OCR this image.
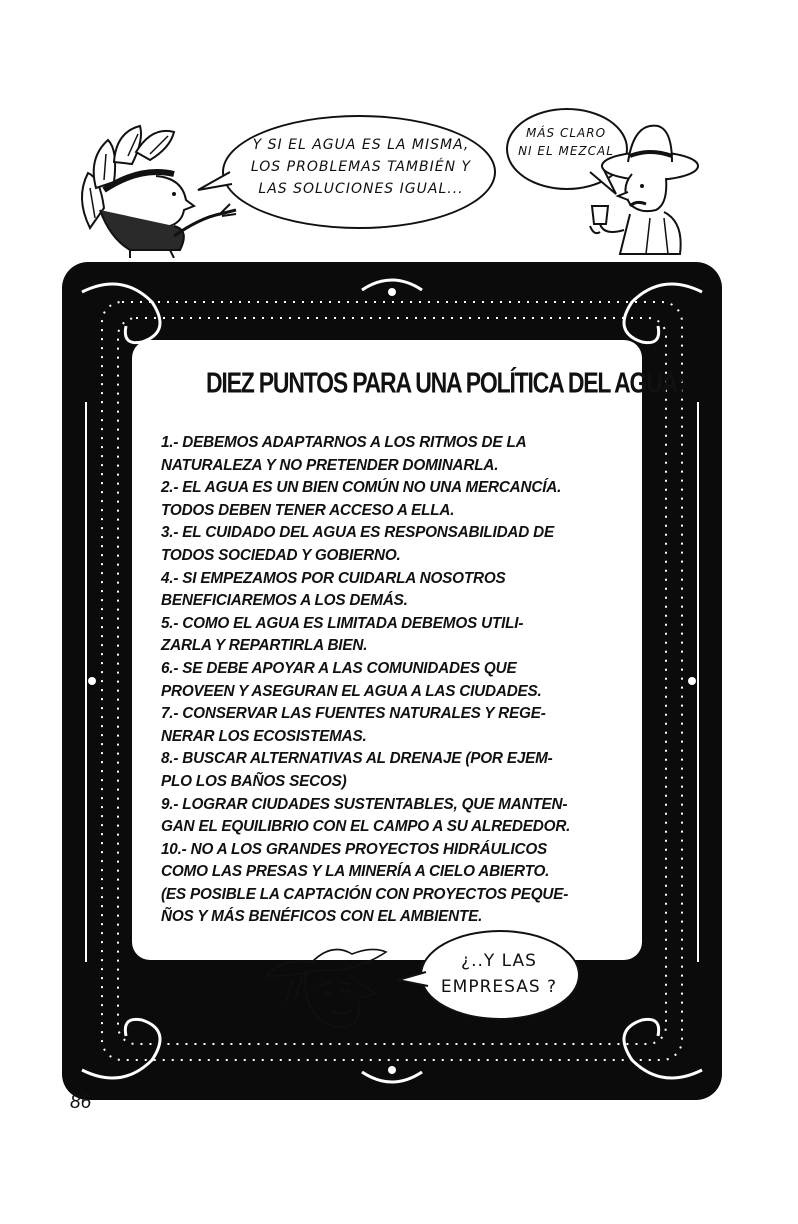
Y SI EL AGUA ES LA MISMA,
LOS PROBLEMAS TAMBIÉN Y
LAS SOLUCIONES IGUAL...
MÁS CLARO
NI EL MEZCAL
DIEZ PUNTOS PARA UNA POLÍTICA DEL AGUA:
1.- DEBEMOS ADAPTARNOS A LOS RITMOS DE LA
NATURALEZA Y NO PRETENDER DOMINARLA.
2.- EL AGUA ES UN BIEN COMÚN NO UNA MERCANCÍA.
TODOS DEBEN TENER ACCESO A ELLA.
3.- EL CUIDADO DEL AGUA ES RESPONSABILIDAD DE
TODOS SOCIEDAD Y GOBIERNO.
4.- SI EMPEZAMOS POR CUIDARLA NOSOTROS
BENEFICIAREMOS A LOS DEMÁS.
5.- COMO EL AGUA ES LIMITADA DEBEMOS UTILI-
ZARLA Y REPARTIRLA BIEN.
6.- SE DEBE APOYAR A LAS COMUNIDADES QUE
PROVEEN Y ASEGURAN EL AGUA A LAS CIUDADES.
7.- CONSERVAR LAS FUENTES NATURALES Y REGE-
NERAR LOS ECOSISTEMAS.
8.- BUSCAR ALTERNATIVAS AL DRENAJE (POR EJEM-
PLO LOS BAÑOS SECOS)
9.- LOGRAR CIUDADES SUSTENTABLES, QUE MANTEN-
GAN EL EQUILIBRIO CON EL CAMPO A SU ALREDEDOR.
10.- NO A LOS GRANDES PROYECTOS HIDRÁULICOS
COMO LAS PRESAS Y LA MINERÍA A CIELO ABIERTO.
(ES POSIBLE LA CAPTACIÓN CON PROYECTOS PEQUE-
ÑOS Y MÁS BENÉFICOS CON EL AMBIENTE.
¿..Y LAS
EMPRESAS ?
86
